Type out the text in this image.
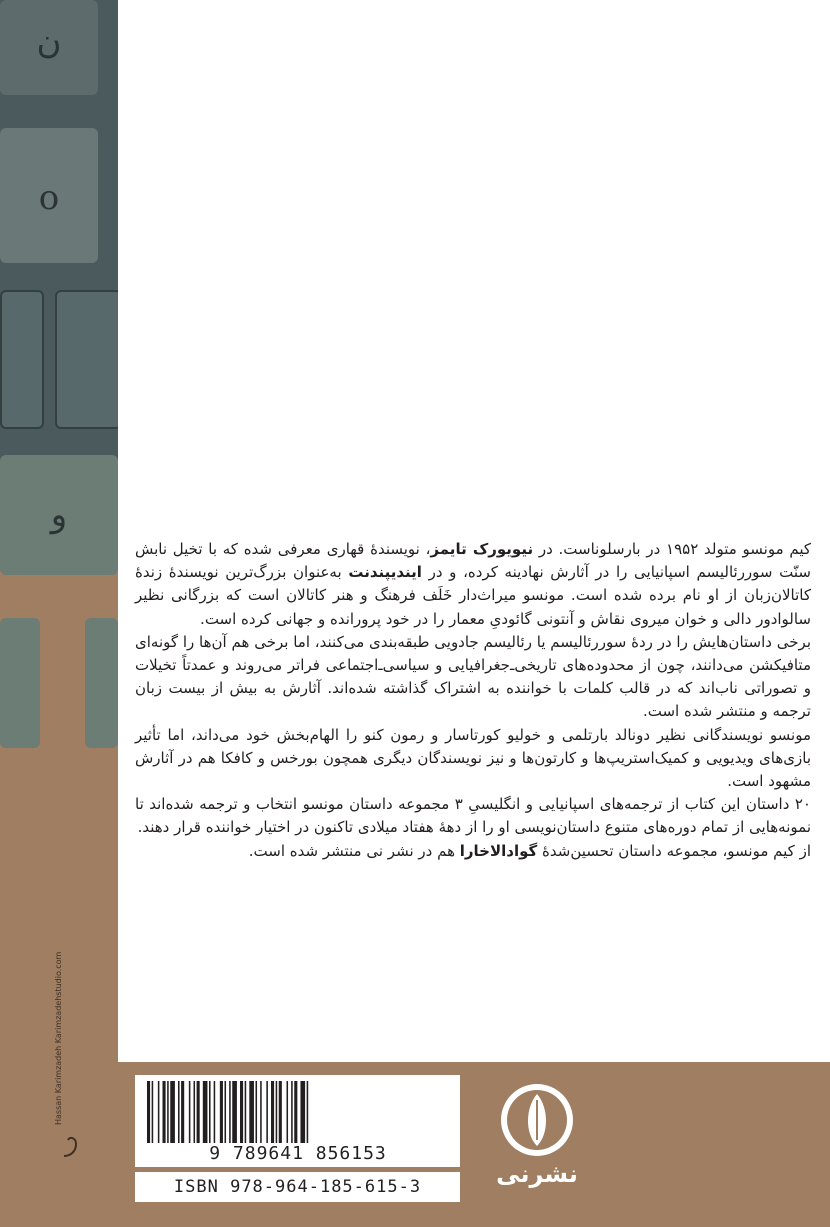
ن
o
و
Hassan Karimzadeh Karimzadehstudio.com

کیم مونسو متولد ۱۹۵۲ در بارسلوناست. در نیویورک تایمز، نویسندهٔ قهاری معرفی شده که با تخیل نابش سنّت سوررئالیسم اسپانیایی را در آثارش نهادینه کرده، و در ایندیپندنت به‌عنوان بزرگ‌ترین نویسندهٔ زندهٔ کاتالان‌زبان از او نام برده شده است. مونسو میراث‌دار خَلَف فرهنگ و هنر کاتالان است که بزرگانی نظیر سالوادور دالی و خوان میروی نقاش و آنتونی گائودیِ معمار را در خود پرورانده و جهانی کرده است.

برخی داستان‌هایش را در ردهٔ سوررئالیسم یا رئالیسم جادویی طبقه‌بندی می‌کنند، اما برخی هم آن‌ها را گونه‌ای متافیکشن می‌دانند، چون از محدوده‌های تاریخی‌ـ‌جغرافیایی و سیاسی‌ـ‌اجتماعی فراتر می‌روند و عمدتاً تخیلات و تصوراتی ناب‌اند که در قالب کلمات با خواننده به اشتراک گذاشته شده‌اند. آثارش به بیش از بیست زبان ترجمه و منتشر شده است.

مونسو نویسندگانی نظیر دونالد بارتلمی و خولیو کورتاسار و رمون کنو را الهام‌بخش خود می‌داند، اما تأثیر بازی‌های ویدیویی و کمیک‌استریپ‌ها و کارتون‌ها و نیز نویسندگان دیگری همچون بورخس و کافکا هم در آثارش مشهود است.

۲۰ داستان این کتاب از ترجمه‌های اسپانیایی و انگلیسیِ ۳ مجموعه داستان مونسو انتخاب و ترجمه شده‌اند تا نمونه‌هایی از تمام دوره‌های متنوع داستان‌نویسی او را از دههٔ هفتاد میلادی تاکنون در اختیار خواننده قرار دهند.

از کیم مونسو، مجموعه داستان تحسین‌شدهٔ گوادالاخارا هم در نشر نی منتشر شده است.

9 789641 856153
ISBN 978-964-185-615-3	نشرنی
